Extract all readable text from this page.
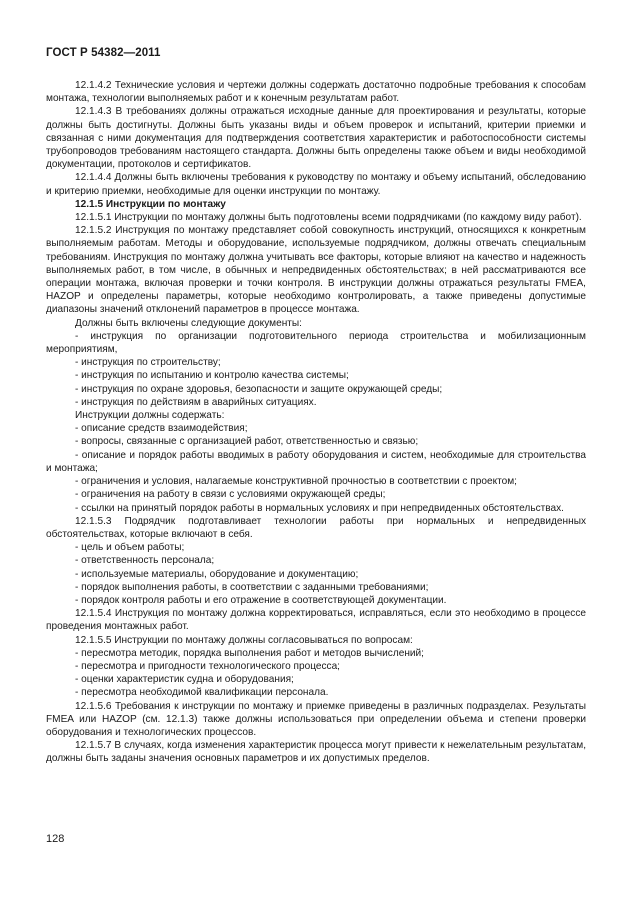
ГОСТ Р 54382—2011

12.1.4.2 Технические условия и чертежи должны содержать достаточно подробные требования к способам монтажа, технологии выполняемых работ и к конечным результатам работ.

12.1.4.3 В требованиях должны отражаться исходные данные для проектирования и результаты, которые должны быть достигнуты. Должны быть указаны виды и объем проверок и испытаний, критерии приемки и связанная с ними документация для подтверждения соответствия характеристик и работоспособности системы трубопроводов требованиям настоящего стандарта. Должны быть определены также объем и виды необходимой документации, протоколов и сертификатов.

12.1.4.4 Должны быть включены требования к руководству по монтажу и объему испытаний, обследованию и критерию приемки, необходимые для оценки инструкции по монтажу.

12.1.5 Инструкции по монтажу

12.1.5.1 Инструкции по монтажу должны быть подготовлены всеми подрядчиками (по каждому виду работ).

12.1.5.2 Инструкция по монтажу представляет собой совокупность инструкций, относящихся к конкретным выполняемым работам. Методы и оборудование, используемые подрядчиком, должны отвечать специальным требованиям. Инструкция по монтажу должна учитывать все факторы, которые влияют на качество и надежность выполняемых работ, в том числе, в обычных и непредвиденных обстоятельствах; в ней рассматриваются все операции монтажа, включая проверки и точки контроля. В инструкции должны отражаться результаты FMEA, HAZOP и определены параметры, которые необходимо контролировать, а также приведены допустимые диапазоны значений отклонений параметров в процессе монтажа.

Должны быть включены следующие документы:

- инструкция по организации подготовительного периода строительства и мобилизационным мероприятиям,

- инструкция по строительству;

- инструкция по испытанию и контролю качества системы;

- инструкция по охране здоровья, безопасности и защите окружающей среды;

- инструкция по действиям в аварийных ситуациях.

Инструкции должны содержать:

- описание средств взаимодействия;

- вопросы, связанные с организацией работ, ответственностью и связью;

- описание и порядок работы вводимых в работу оборудования и систем, необходимые для строительства и монтажа;

- ограничения и условия, налагаемые конструктивной прочностью в соответствии с проектом;

- ограничения на работу в связи с условиями окружающей среды;

- ссылки на принятый порядок работы в нормальных условиях и при непредвиденных обстоятельствах.

12.1.5.3 Подрядчик подготавливает технологии работы при нормальных и непредвиденных обстоятельствах, которые включают в себя.

- цель и объем работы;

- ответственность персонала;

- используемые материалы, оборудование и документацию;

- порядок выполнения работы, в соответствии с заданными требованиями;

- порядок контроля работы и его отражение в соответствующей документации.

12.1.5.4 Инструкция по монтажу должна корректироваться, исправляться, если это необходимо в процессе проведения монтажных работ.

12.1.5.5 Инструкции по монтажу должны согласовываться по вопросам:

- пересмотра методик, порядка выполнения работ и методов вычислений;

- пересмотра и пригодности технологического процесса;

- оценки характеристик судна и оборудования;

- пересмотра необходимой квалификации персонала.

12.1.5.6 Требования к инструкции по монтажу и приемке приведены в различных подразделах. Результаты FMEA или HAZOP (см. 12.1.3) также должны использоваться при определении объема и степени проверки оборудования и технологических процессов.

12.1.5.7 В случаях, когда изменения характеристик процесса могут привести к нежелательным результатам, должны быть заданы значения основных параметров и их допустимых пределов.

128
